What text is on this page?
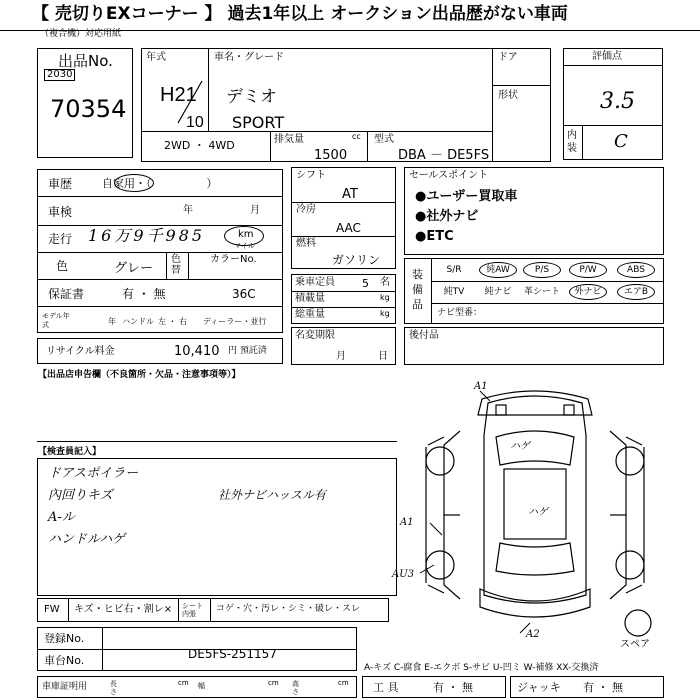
【 売切りEXコーナー 】 過去1年以上 オークション出品歴がない車両
（複合機）対応用紙
出品No.
2030
70354
年式
H21
10
車名・グレード
デミオ
SPORT
ドア
形状
2WD ・ 4WD	排気量	cc
1500
型式
DBA － DE5FS
評価点
3.5
内装 C
車歴	自家用・（　　　　　）
車検	年	月
走行 16万9千985	km
マイル
色	グレー
色替
カラーNo.
保証書	有 ・ 無	36C
モデル年式	年 ハンドル 左 ・ 右 ディーラー・並行
リサイクル料金	10,410 円 預託済
シフト
AT
冷房
AAC
燃料
ガソリン
乗車定員 5 名
積載量	kg
総重量	kg
名変期限
月	日
セールスポイント
●ユーザー買取車
●社外ナビ
●ETC
装備品
S/R	純AW	P/S	P/W	ABS
純TV	純ナビ	革シート	外ナビ	エアB
ナビ型番：
後付品
【出品店申告欄（不良箇所・欠品・注意事項等）】
【検査員記入】
ドアスポイラー
內回りキズ
A-ル
ハンドルハゲ
社外ナビハッスル有
A1
ハゲ
ハゲ
A1
AU3
A2
スペア
FW キズ・ヒビ右・割レ× シート内張	コゲ・穴・汚レ・シミ・破レ・スレ
登録No.
車台No.	DE5FS-251157
A-キズ C-腐食 E-エクボ S-サビ U-凹ミ W-補修 XX-交換済
車庫証明用	長さ
cm 幅	cm 高さ
cm 工 具	有 ・ 無	ジャッキ 有 ・ 無
